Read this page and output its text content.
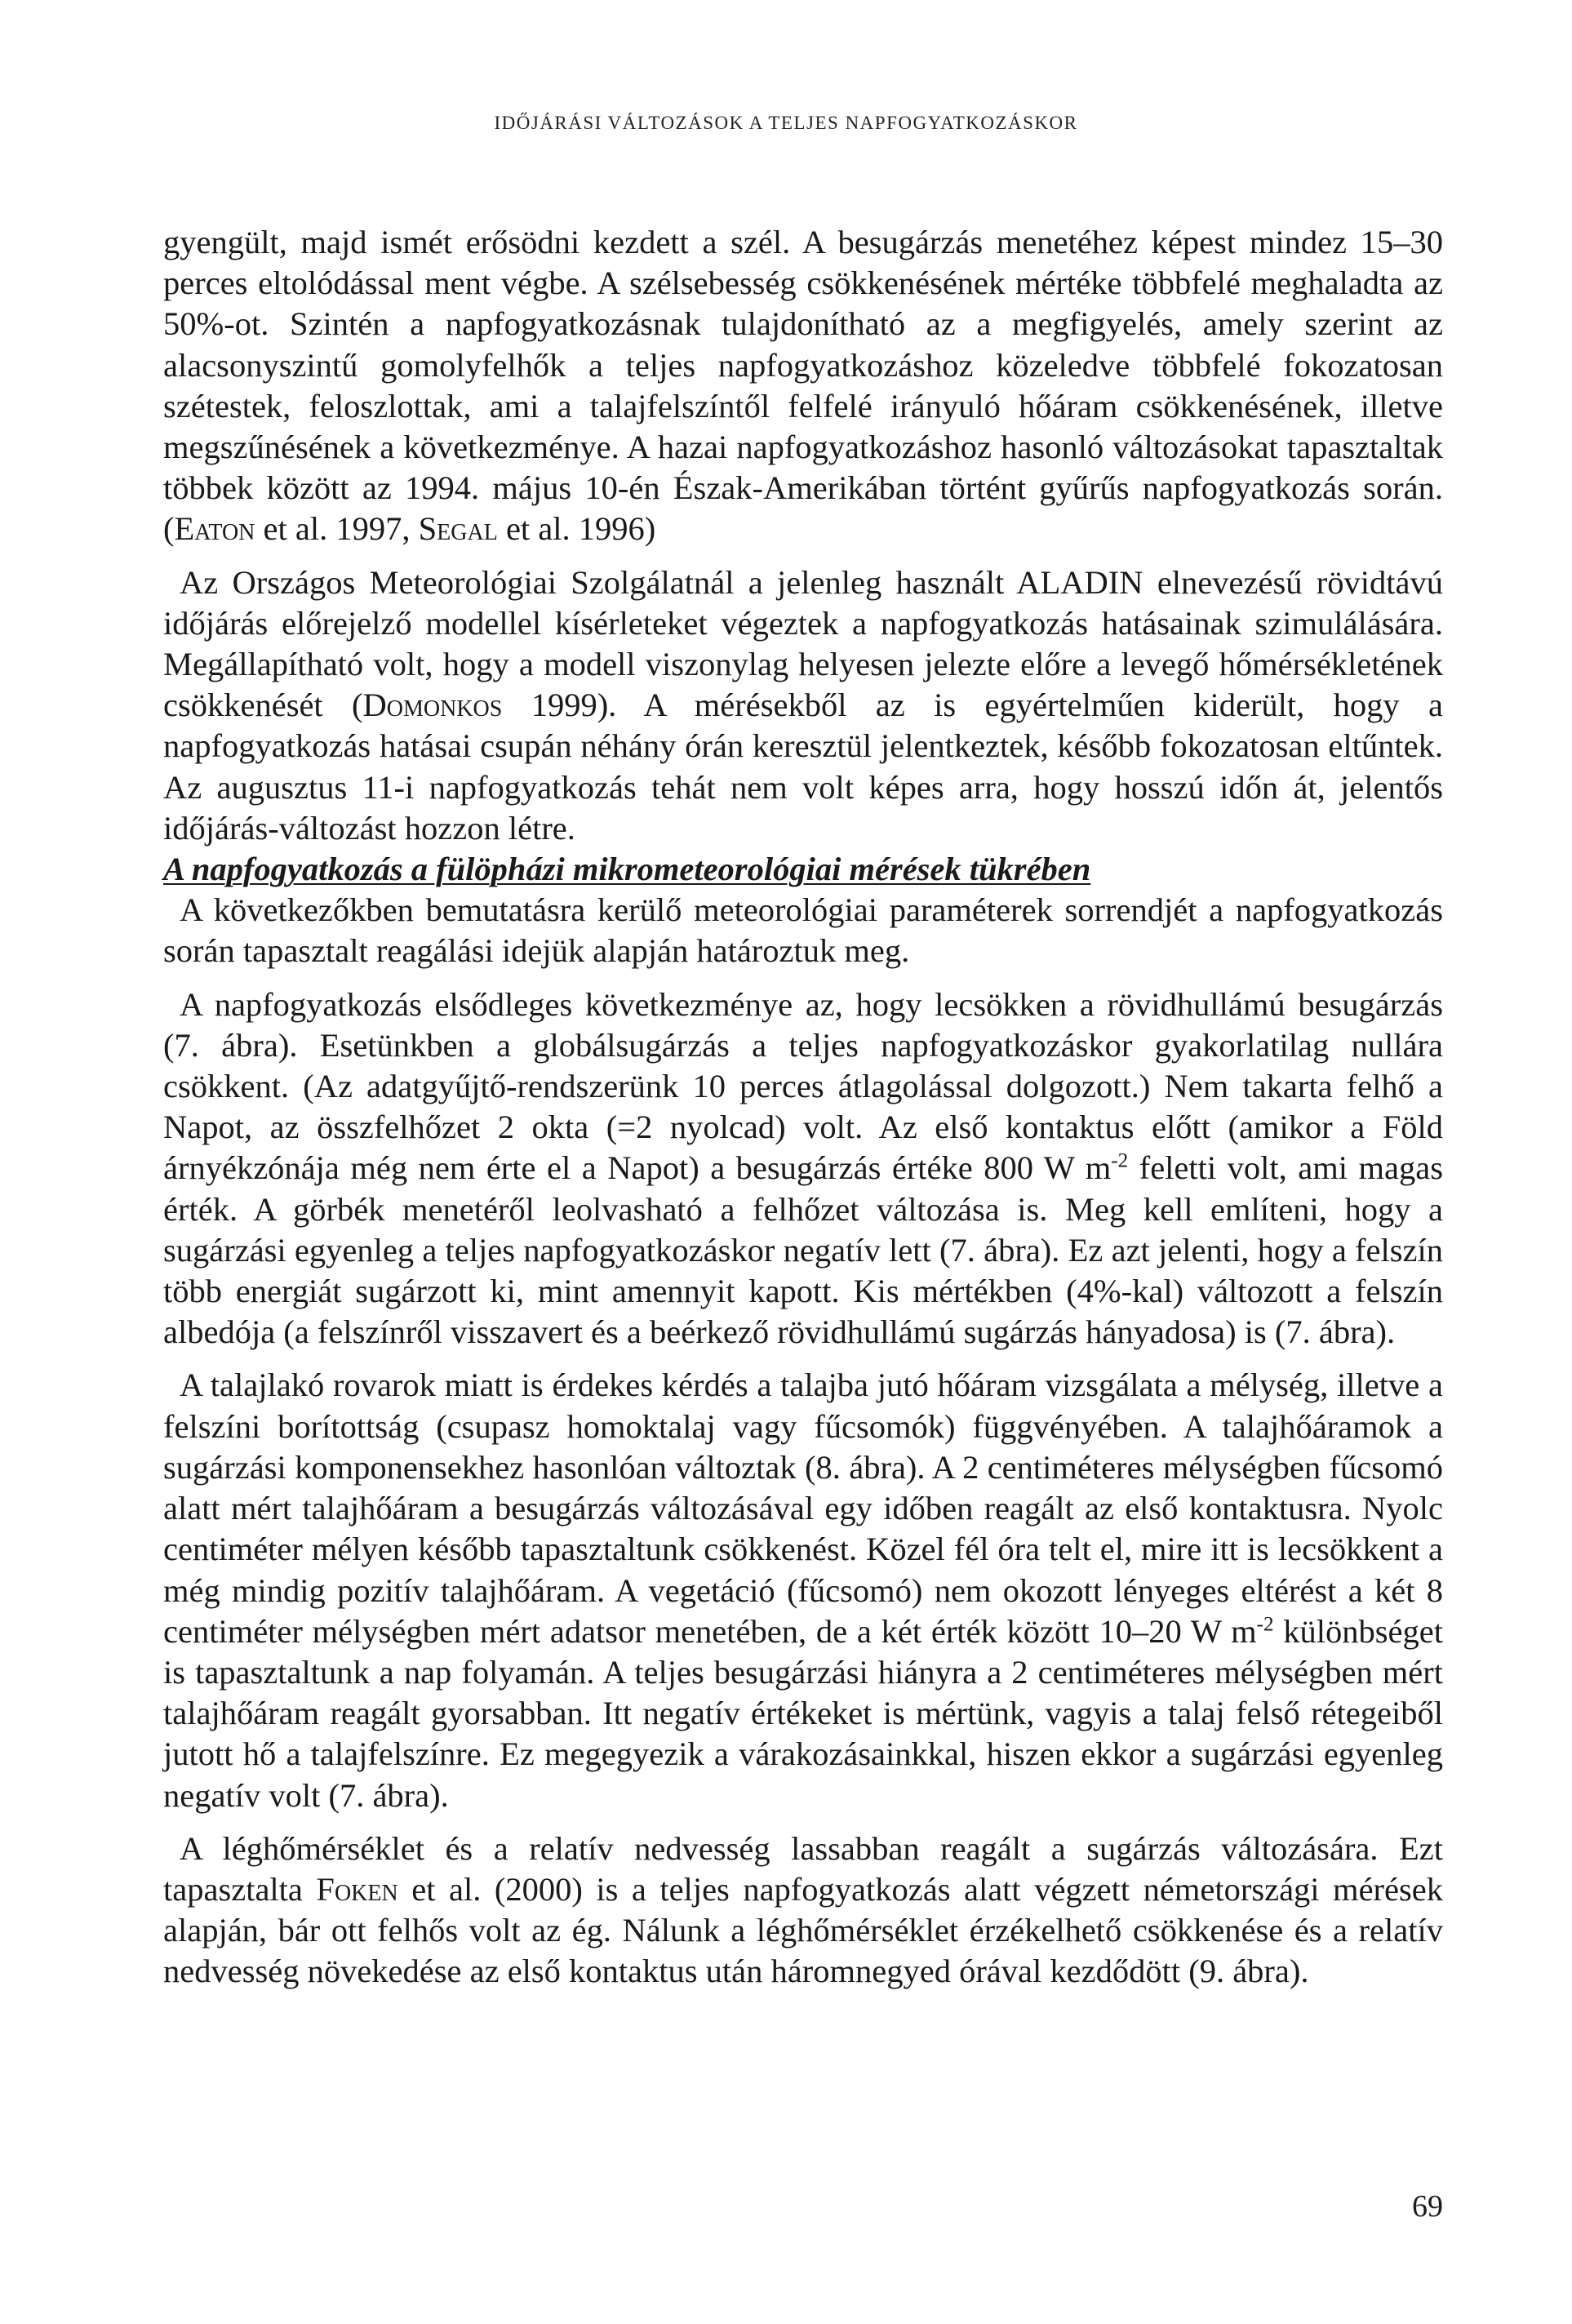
IDŐJÁRÁSI VÁLTOZÁSOK A TELJES NAPFOGYATKOZÁSKOR

gyengült, majd ismét erősödni kezdett a szél. A besugárzás menetéhez képest mindez 15–30 perces eltolódással ment végbe. A szélsebesség csökkenésének mértéke többfelé meghaladta az 50%-ot. Szintén a napfogyatkozásnak tulajdonítható az a megfigyelés, amely szerint az alacsonyszintű gomolyfelhők a teljes napfogyatkozáshoz közeledve többfelé fokozatosan szétestek, feloszlottak, ami a talajfelszíntől felfelé irányuló hőáram csökkenésének, illetve megszűnésének a következménye. A hazai napfogyatkozáshoz hasonló változásokat tapasztaltak többek között az 1994. május 10-én Észak-Amerikában történt gyűrűs napfogyatkozás során. (Eaton et al. 1997, Segal et al. 1996)

Az Országos Meteorológiai Szolgálatnál a jelenleg használt ALADIN elnevezésű rövidtávú időjárás előrejelző modellel kísérleteket végeztek a napfogyatkozás hatásainak szimulálására. Megállapítható volt, hogy a modell viszonylag helyesen jelezte előre a levegő hőmérsékletének csökkenését (Domonkos 1999). A mérésekből az is egyértelműen kiderült, hogy a napfogyatkozás hatásai csupán néhány órán keresztül jelentkeztek, később fokozatosan eltűntek. Az augusztus 11-i napfogyatkozás tehát nem volt képes arra, hogy hosszú időn át, jelentős időjárás-változást hozzon létre.

A napfogyatkozás a fülöpházi mikrometeorológiai mérések tükrében

A következőkben bemutatásra kerülő meteorológiai paraméterek sorrendjét a napfogyatkozás során tapasztalt reagálási idejük alapján határoztuk meg.

A napfogyatkozás elsődleges következménye az, hogy lecsökken a rövidhullámú besugárzás (7. ábra). Esetünkben a globálsugárzás a teljes napfogyatkozáskor gyakorlatilag nullára csökkent. (Az adatgyűjtő-rendszerünk 10 perces átlagolással dolgozott.) Nem takarta felhő a Napot, az összfelhőzet 2 okta (=2 nyolcad) volt. Az első kontaktus előtt (amikor a Föld árnyékzónája még nem érte el a Napot) a besugárzás értéke 800 W $m^{-2}$ feletti volt, ami magas érték. A görbék menetéről leolvasható a felhőzet változása is. Meg kell említeni, hogy a sugárzási egyenleg a teljes napfogyatkozáskor negatív lett (7. ábra). Ez azt jelenti, hogy a felszín több energiát sugárzott ki, mint amennyit kapott. Kis mértékben (4%-kal) változott a felszín albedója (a felszínről visszavert és a beérkező rövidhullámú sugárzás hányadosa) is (7. ábra).

A talajlakó rovarok miatt is érdekes kérdés a talajba jutó hőáram vizsgálata a mélység, illetve a felszíni borítottság (csupasz homoktalaj vagy fűcsomók) függvényében. A talajhőáramok a sugárzási komponensekhez hasonlóan változtak (8. ábra). A 2 centiméteres mélységben fűcsomó alatt mért talajhőáram a besugárzás változásával egy időben reagált az első kontaktusra. Nyolc centiméter mélyen később tapasztaltunk csökkenést. Közel fél óra telt el, mire itt is lecsökkent a még mindig pozitív talajhőáram. A vegetáció (fűcsomó) nem okozott lényeges eltérést a két 8 centiméter mélységben mért adatsor menetében, de a két érték között 10–20 W $m^{-2}$ különbséget is tapasztaltunk a nap folyamán. A teljes besugárzási hiányra a 2 centiméteres mélységben mért talajhőáram reagált gyorsabban. Itt negatív értékeket is mértünk, vagyis a talaj felső rétegeiből jutott hő a talajfelszínre. Ez megegyezik a várakozásainkkal, hiszen ekkor a sugárzási egyenleg negatív volt (7. ábra).

A léghőmérséklet és a relatív nedvesség lassabban reagált a sugárzás változására. Ezt tapasztalta Foken et al. (2000) is a teljes napfogyatkozás alatt végzett németországi mérések alapján, bár ott felhős volt az ég. Nálunk a léghőmérséklet érzékelhető csökkenése és a relatív nedvesség növekedése az első kontaktus után háromnegyed órával kezdődött (9. ábra).

69
